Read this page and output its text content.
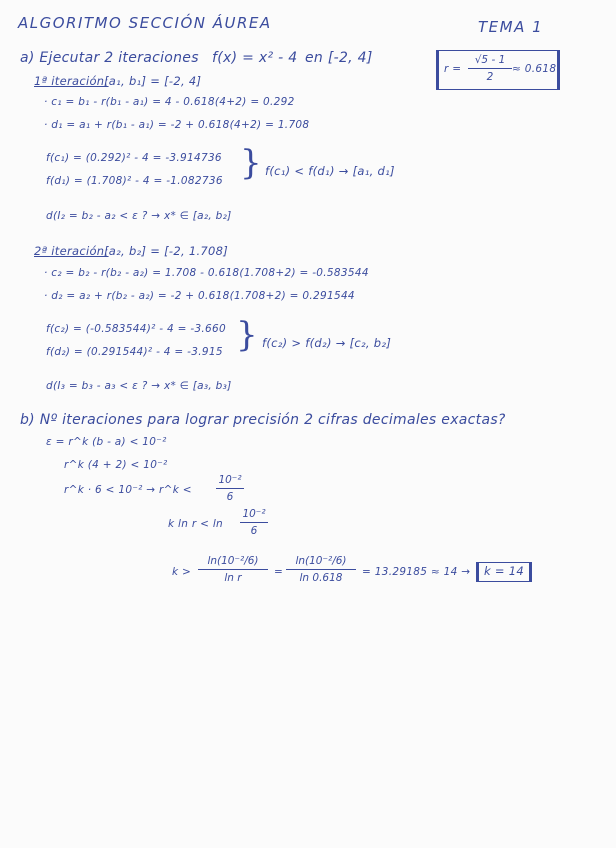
ALGORITMO SECCIÓN ÁUREA	TEMA 1
r =
√5 - 1
2
≈ 0.618
a) Ejecutar 2 iteraciones f(x) = x² - 4 en [-2, 4]
1ª iteración:
[a₁, b₁] = [-2, 4]
· c₁ = b₁ - r(b₁ - a₁) = 4 - 0.618(4+2) = 0.292
· d₁ = a₁ + r(b₁ - a₁) = -2 + 0.618(4+2) = 1.708
f(c₁) = (0.292)² - 4 = -3.914736
f(d₁) = (1.708)² - 4 = -1.082736 } f(c₁) < f(d₁) → [a₁, d₁]
d(I₂ = b₂ - a₂ < ε ? → x* ∈ [a₂, b₂]
2ª iteración:
[a₂, b₂] = [-2, 1.708]
· c₂ = b₂ - r(b₂ - a₂) = 1.708 - 0.618(1.708+2) = -0.583544
· d₂ = a₂ + r(b₂ - a₂) = -2 + 0.618(1.708+2) = 0.291544
f(c₂) = (-0.583544)² - 4 = -3.660
f(d₂) = (0.291544)² - 4 = -3.915 } f(c₂) > f(d₂) → [c₂, b₂]
d(I₃ = b₃ - a₃ < ε ? → x* ∈ [a₃, b₃]
b) Nº iteraciones para lograr precisión 2 cifras decimales exactas?
ε = r^k (b - a) < 10⁻²
r^k (4 + 2) < 10⁻²
r^k · 6 < 10⁻² → r^k <
10⁻²
6
k ln r < ln
10⁻²
6
k >
ln(10⁻²/6)
ln r	=
ln(10⁻²/6)
ln 0.618	= 13.29185 ≈ 14 → k = 14
